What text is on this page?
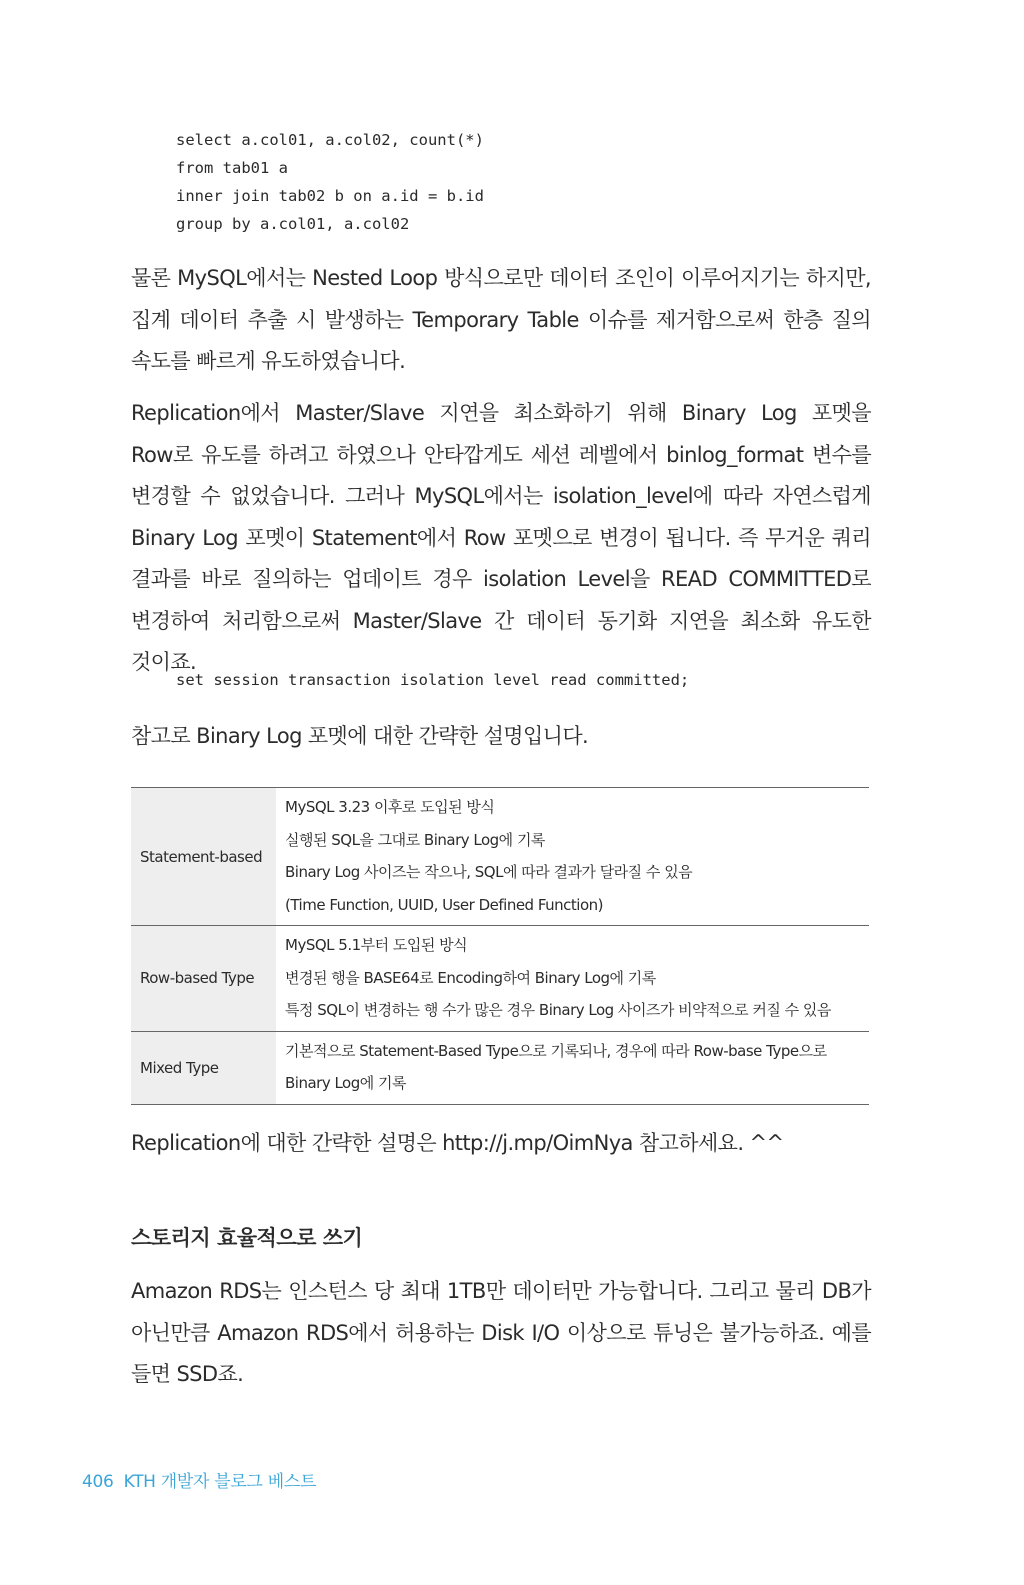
select a.col01, a.col02, count(*)
from tab01 a
inner join tab02 b on a.id = b.id
group by a.col01, a.col02

물론 MySQL에서는 Nested Loop 방식으로만 데이터 조인이 이루어지기는 하지만, 집계 데이터 추출 시 발생하는 Temporary Table 이슈를 제거함으로써 한층 질의 속도를 빠르게 유도하였습니다.

Replication에서 Master/Slave 지연을 최소화하기 위해 Binary Log 포멧을 Row로 유도를 하려고 하였으나 안타깝게도 세션 레벨에서 binlog_format 변수를 변경할 수 없었습니다. 그러나 MySQL에서는 isolation_level에 따라 자연스럽게 Binary Log 포멧이 Statement에서 Row 포멧으로 변경이 됩니다. 즉 무거운 쿼리 결과를 바로 질의하는 업데이트 경우 isolation Level을 READ COMMITTED로 변경하여 처리함으로써 Master/Slave 간 데이터 동기화 지연을 최소화 유도한 것이죠.

set session transaction isolation level read committed;

참고로 Binary Log 포멧에 대한 간략한 설명입니다.

Statement-based	MySQL 3.23 이후로 도입된 방식
실행된 SQL을 그대로 Binary Log에 기록
Binary Log 사이즈는 작으나, SQL에 따라 결과가 달라질 수 있음
(Time Function, UUID, User Defined Function)

Row-based Type	MySQL 5.1부터 도입된 방식
변경된 행을 BASE64로 Encoding하여 Binary Log에 기록
특정 SQL이 변경하는 행 수가 많은 경우 Binary Log 사이즈가 비약적으로 커질 수 있음

Mixed Type	기본적으로 Statement-Based Type으로 기록되나, 경우에 따라 Row-base Type으로
Binary Log에 기록

Replication에 대한 간략한 설명은 http://j.mp/OimNya 참고하세요. ^^

스토리지 효율적으로 쓰기

Amazon RDS는 인스턴스 당 최대 1TB만 데이터만 가능합니다. 그리고 물리 DB가 아닌만큼 Amazon RDS에서 허용하는 Disk I/O 이상으로 튜닝은 불가능하죠. 예를 들면 SSD죠.

406 KTH 개발자 블로그 베스트
